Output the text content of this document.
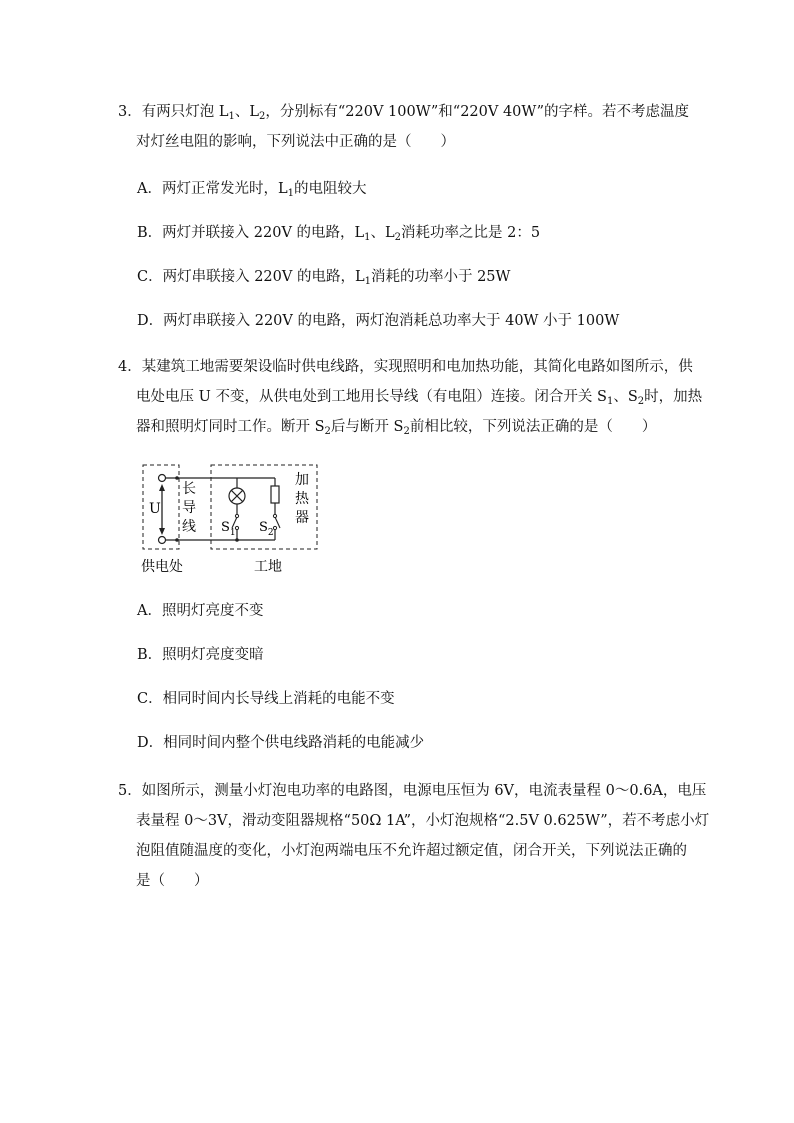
3．有两只灯泡 $L_1$、$L_2$，分别标有“220V 100W”和“220V 40W”的字样。若不考虑温度
对灯丝电阻的影响，下列说法中正确的是（　　）
A．两灯正常发光时，$L_1$的电阻较大
B．两灯并联接入 220V 的电路，$L_1$、$L_2$消耗功率之比是 2：5
C．两灯串联接入 220V 的电路，$L_1$消耗的功率小于 25W
D．两灯串联接入 220V 的电路，两灯泡消耗总功率大于 40W 小于 100W
4．某建筑工地需要架设临时供电线路，实现照明和电加热功能，其简化电路如图所示，供
电处电压 U 不变，从供电处到工地用长导线（有电阻）连接。闭合开关 $S_1$、$S_2$时，加热
器和照明灯同时工作。断开 $S_2$后与断开 $S_2$前相比较，下列说法正确的是（　　）
U
长
导
线 $S_1$ $S_2$
加
热
器
供电处	工地
A．照明灯亮度不变
B．照明灯亮度变暗
C．相同时间内长导线上消耗的电能不变
D．相同时间内整个供电线路消耗的电能减少
5．如图所示，测量小灯泡电功率的电路图，电源电压恒为 6V，电流表量程 0～0.6A，电压
表量程 0～3V，滑动变阻器规格“50Ω 1A”，小灯泡规格“2.5V 0.625W”，若不考虑小灯
泡阻值随温度的变化，小灯泡两端电压不允许超过额定值，闭合开关，下列说法正确的
是（　　）
